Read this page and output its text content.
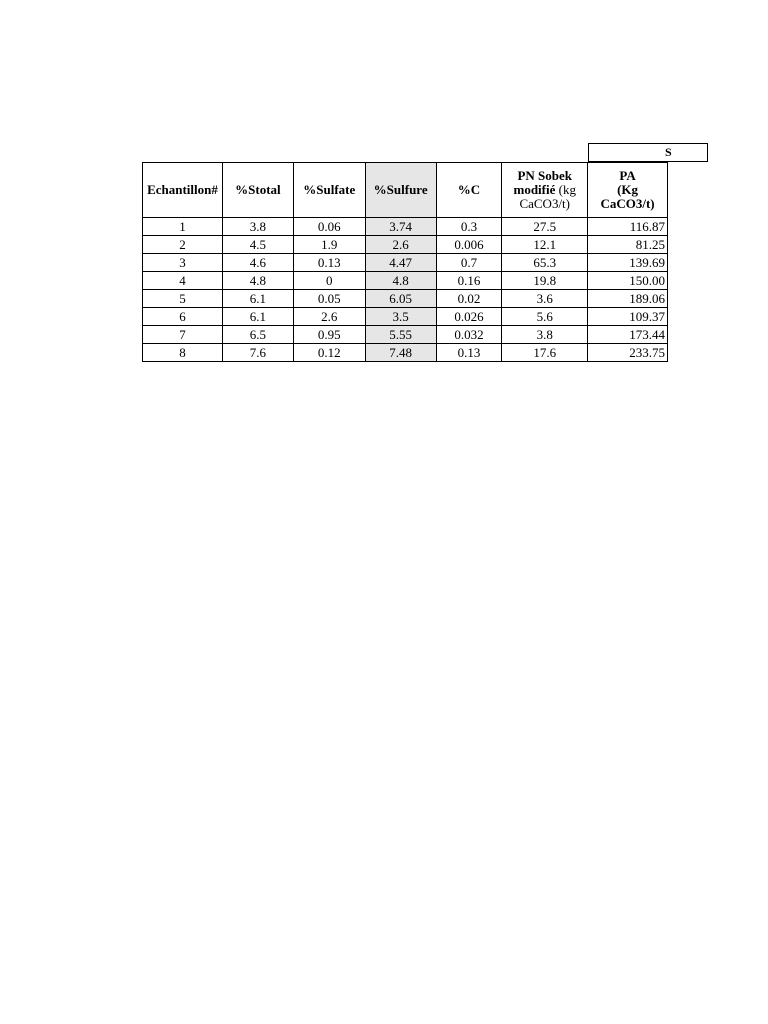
S
Echantillon#	%Stotal	%Sulfate	%Sulfure	%C	PN Sobek modifié (kg CaCO3/t)	PA
(Kg
CaCO3/t)
1	3.8	0.06	3.74	0.3	27.5	116.87
2	4.5	1.9	2.6	0.006	12.1	81.25
3	4.6	0.13	4.47	0.7	65.3	139.69
4	4.8	0	4.8	0.16	19.8	150.00
5	6.1	0.05	6.05	0.02	3.6	189.06
6	6.1	2.6	3.5	0.026	5.6	109.37
7	6.5	0.95	5.55	0.032	3.8	173.44
8	7.6	0.12	7.48	0.13	17.6	233.75
